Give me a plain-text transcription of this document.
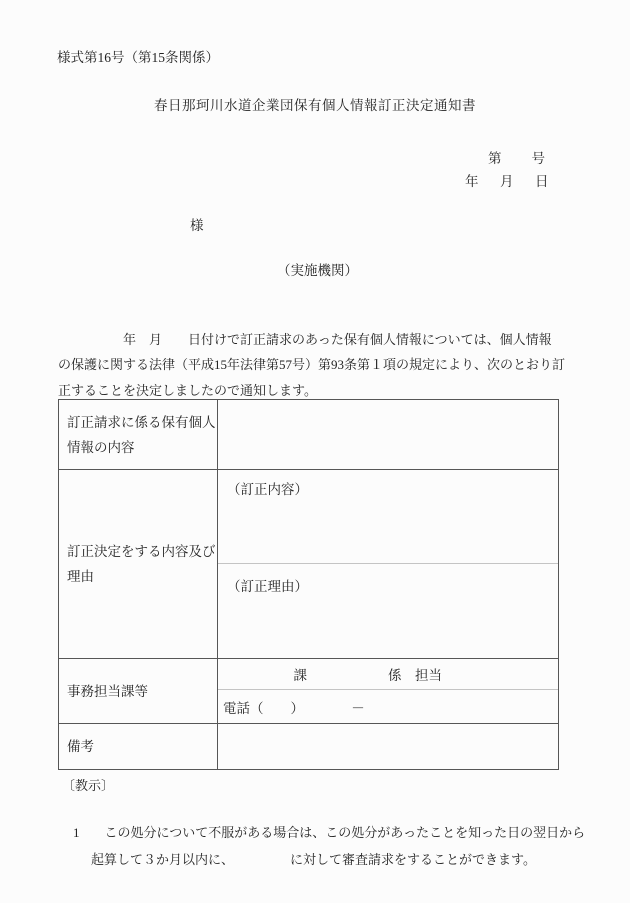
様式第16号（第15条関係）
春日那珂川水道企業団保有個人情報訂正決定通知書
第　　号
年　月　日
様
（実施機関）
　　　　　年　月　　日付けで訂正請求のあった保有個人情報については、個人情報
の保護に関する法律（平成15年法律第57号）第93条第１項の規定により、次のとおり訂
正することを決定しましたので通知します。
訂正請求に係る保有個人
情報の内容
訂正決定をする内容及び
理由
（訂正内容）
（訂正理由）
事務担当課等
　　　　　課　　　　　　係　担当
電話（　　）　　　　－
備考
〔教示〕

1 この処分について不服がある場合は、この処分があったことを知った日の翌日から

起算して３か月以内に、	に対して審査請求をすることができます。
